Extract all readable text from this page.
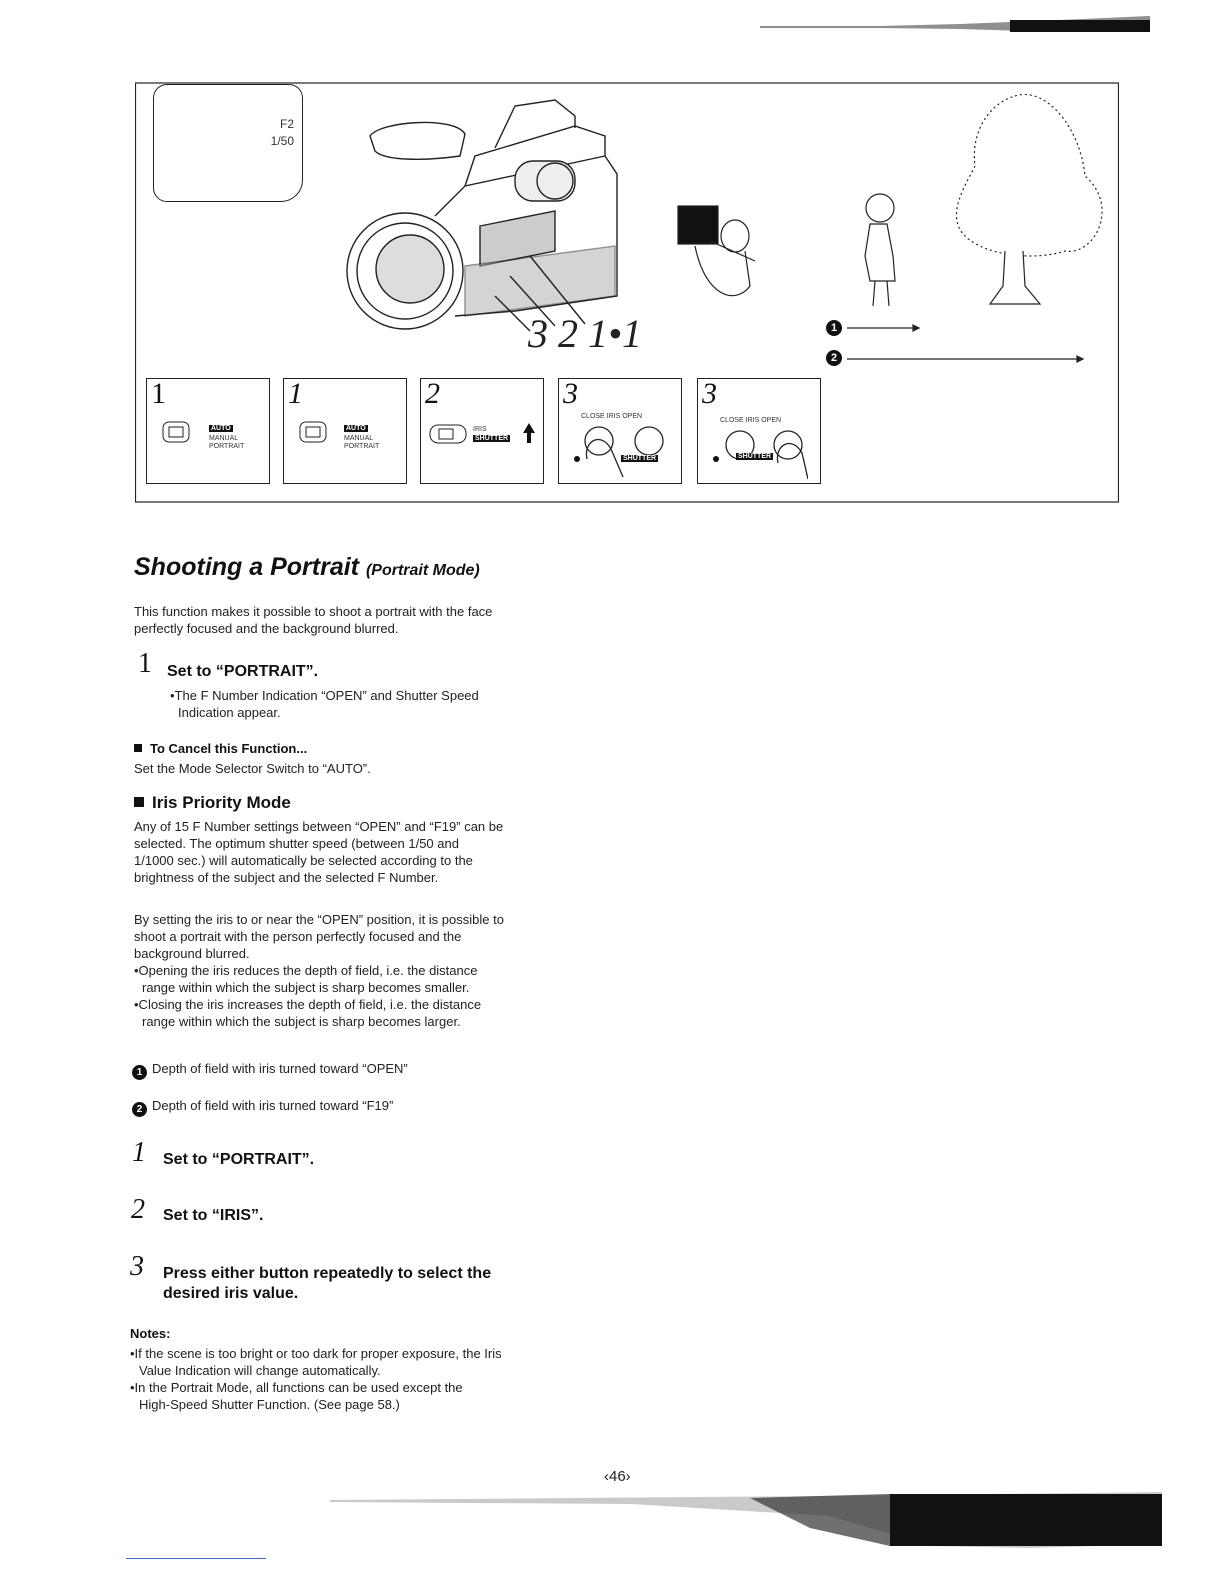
F2
1/50
3 2 1•1	1
2
1
AUTO
MANUAL
PORTRAIT
1
AUTO
MANUAL
PORTRAIT
2
IRIS
SHUTTER
3
CLOSE IRIS OPEN
SHUTTER
3
CLOSE IRIS OPEN
SHUTTER
Shooting a Portrait (Portrait Mode)
This function makes it possible to shoot a portrait with the face
perfectly focused and the background blurred.
1 Set to “PORTRAIT”.
•The F Number Indication “OPEN” and Shutter Speed
Indication appear.
To Cancel this Function...
Set the Mode Selector Switch to “AUTO”.
Iris Priority Mode
Any of 15 F Number settings between “OPEN” and “F19” can be
selected. The optimum shutter speed (between 1/50 and
1/1000 sec.) will automatically be selected according to the
brightness of the subject and the selected F Number.
By setting the iris to or near the “OPEN” position, it is possible to
shoot a portrait with the person perfectly focused and the
background blurred.
•Opening the iris reduces the depth of field, i.e. the distance
range within which the subject is sharp becomes smaller.
•Closing the iris increases the depth of field, i.e. the distance
range within which the subject is sharp becomes larger.
1 Depth of field with iris turned toward “OPEN”
2 Depth of field with iris turned toward “F19”
1 Set to “PORTRAIT”.
2 Set to “IRIS”.
3 Press either button repeatedly to select the
desired iris value.
Notes:
•If the scene is too bright or too dark for proper exposure, the Iris
Value Indication will change automatically.
•In the Portrait Mode, all functions can be used except the
High-Speed Shutter Function. (See page 58.)
‹46›
